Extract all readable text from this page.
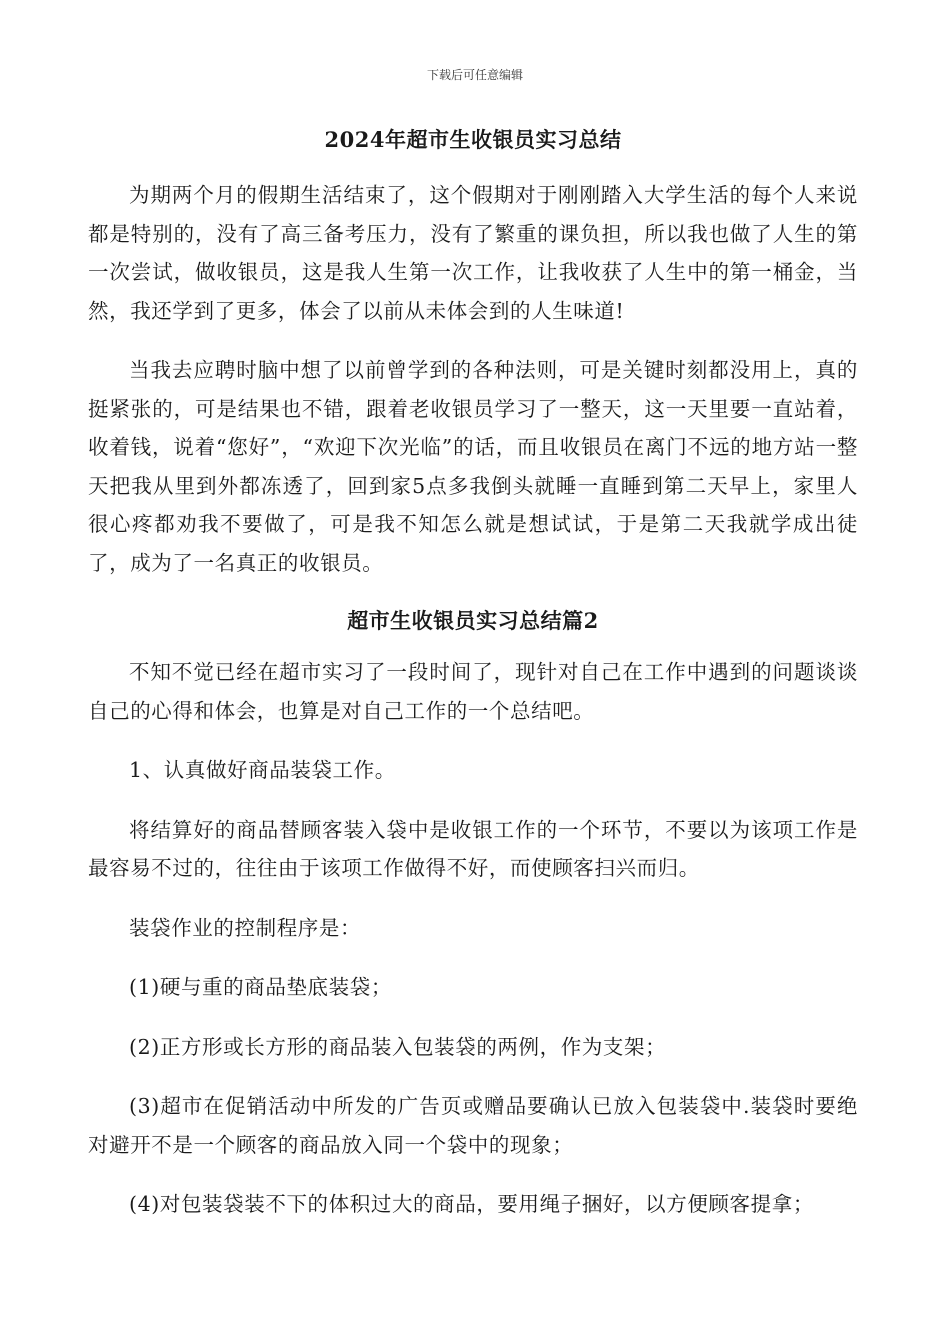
下载后可任意编辑
2024年超市生收银员实习总结

为期两个月的假期生活结束了，这个假期对于刚刚踏入大学生活的每个人来说都是特别的，没有了高三备考压力，没有了繁重的课负担，所以我也做了人生的第一次尝试，做收银员，这是我人生第一次工作，让我收获了人生中的第一桶金，当然，我还学到了更多，体会了以前从未体会到的人生味道!

当我去应聘时脑中想了以前曾学到的各种法则，可是关键时刻都没用上，真的挺紧张的，可是结果也不错，跟着老收银员学习了一整天，这一天里要一直站着，收着钱，说着“您好”，“欢迎下次光临”的话，而且收银员在离门不远的地方站一整天把我从里到外都冻透了，回到家5点多我倒头就睡一直睡到第二天早上，家里人很心疼都劝我不要做了，可是我不知怎么就是想试试，于是第二天我就学成出徒了，成为了一名真正的收银员。

超市生收银员实习总结篇2

不知不觉已经在超市实习了一段时间了，现针对自己在工作中遇到的问题谈谈自己的心得和体会，也算是对自己工作的一个总结吧。

1、认真做好商品装袋工作。

将结算好的商品替顾客装入袋中是收银工作的一个环节，不要以为该项工作是最容易不过的，往往由于该项工作做得不好，而使顾客扫兴而归。

装袋作业的控制程序是：

(1)硬与重的商品垫底装袋；

(2)正方形或长方形的商品装入包装袋的两例，作为支架；

(3)超市在促销活动中所发的广告页或赠品要确认已放入包装袋中.装袋时要绝对避开不是一个顾客的商品放入同一个袋中的现象；

(4)对包装袋装不下的体积过大的商品，要用绳子捆好，以方便顾客提拿；
